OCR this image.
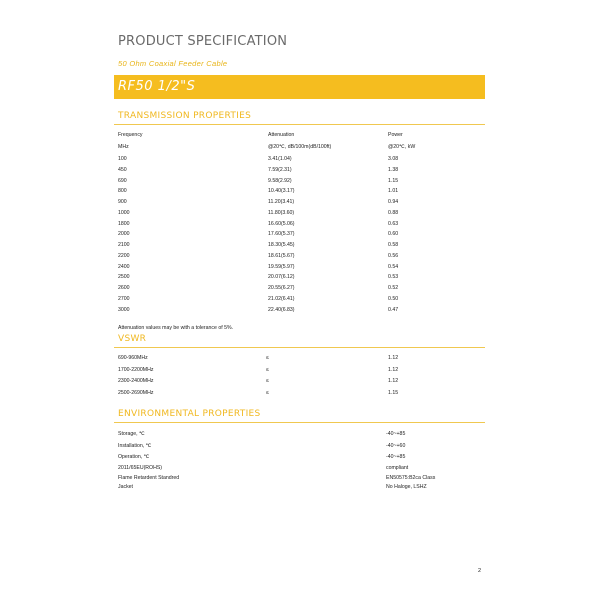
PRODUCT SPECIFICATION
50 Ohm Coaxial Feeder Cable
RF50 1/2"S
TRANSMISSION PROPERTIES
Frequency	Attenuation	Power
MHz	@20℃, dB/100m(dB/100ft)	@20℃, kW
100	3.41(1.04)	3.08
450	7.59(2.31)	1.38
690	9.58(2.92)	1.15
800	10.40(3.17)	1.01
900	11.20(3.41)	0.94
1000	11.80(3.60)	0.88
1800	16.60(5.06)	0.63
2000	17.60(5.37)	0.60
2100	18.30(5.45)	0.58
2200	18.61(5.67)	0.56
2400	19.59(5.97)	0.54
2500	20.07(6.12)	0.53
2600	20.55(6.27)	0.52
2700	21.02(6.41)	0.50
3000	22.40(6.83)	0.47
Attenuation values may be with a tolerance of 5%.
VSWR
690-960MHz	≤	1.12
1700-2200MHz	≤	1.12
2300-2400MHz	≤	1.12
2500-2690MHz	≤	1.15
ENVIRONMENTAL PROPERTIES
Storage, ℃	-40~+85
Installation, ℃	-40~+60
Operation, ℃	-40~+85
2011/65EU(ROHS)	compliant
Flame Retardent Standred	EN50575:B2ca Class
Jacket	No Haloge, LSHZ
2
